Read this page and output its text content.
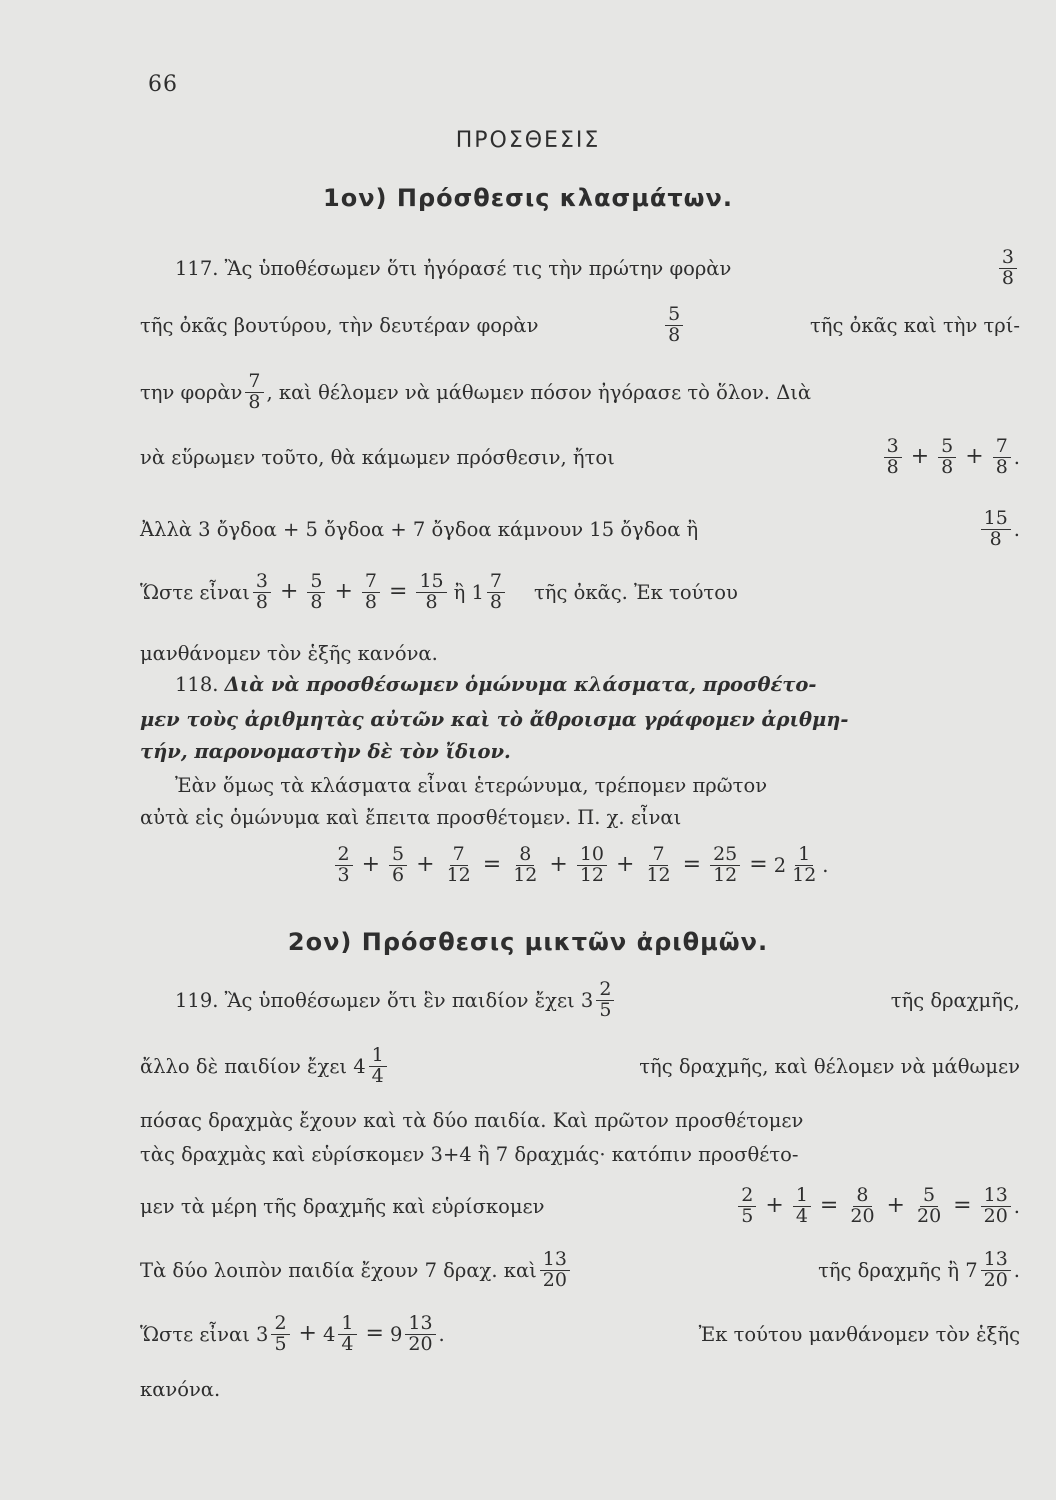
66
ΠΡΟΣΘΕΣΙΣ
1ον) Πρόσθεσις κλασμάτων.
117. Ἂς ὑποθέσωμεν ὅτι ἠγόρασέ τις τὴν πρώτην φορὰν	$\frac{3}{8}$
τῆς ὀκᾶς βουτύρου, τὴν δευτέραν φορὰν	$\frac{5}{8}$	τῆς ὀκᾶς καὶ τὴν τρί-
την φορὰν $\frac{7}{8}$ , καὶ θέλομεν νὰ μάθωμεν πόσον ἠγόρασε τὸ ὅλον. Διὰ
νὰ εὕρωμεν τοῦτο, θὰ κάμωμεν πρόσθεσιν, ἤτοι	$\frac{3}{8} + \frac{5}{8} + \frac{7}{8}$ .
Ἀλλὰ 3 ὄγδοα + 5 ὄγδοα + 7 ὄγδοα κάμνουν 15 ὄγδοα ἢ	$\frac{15}{8}$ .
Ὥστε εἶναι $\frac{3}{8} + \frac{5}{8} + \frac{7}{8} = \frac{15}{8}$ ἢ $1 \frac{7}{8}$ τῆς ὀκᾶς. Ἐκ τούτου
μανθάνομεν τὸν ἑξῆς κανόνα.
118. Διὰ νὰ προσθέσωμεν ὁμώνυμα κλάσματα, προσθέτο-
μεν τοὺς ἀριθμητὰς αὐτῶν καὶ τὸ ἄθροισμα γράφομεν ἀριθμη-
τήν, παρονομαστὴν δὲ τὸν ἴδιον.
Ἐὰν ὅμως τὰ κλάσματα εἶναι ἑτερώνυμα, τρέπομεν πρῶτον
αὐτὰ εἰς ὁμώνυμα καὶ ἔπειτα προσθέτομεν. Π. χ. εἶναι
$\frac{2}{3} + \frac{5}{6} + \frac{7}{12} = \frac{8}{12} + \frac{10}{12} + \frac{7}{12} = \frac{25}{12} = 2 \frac{1}{12}$ .
2ον) Πρόσθεσις μικτῶν ἀριθμῶν.
119. Ἂς ὑποθέσωμεν ὅτι ἓν παιδίον ἔχει $3 \frac{2}{5}$	τῆς δραχμῆς,
ἄλλο δὲ παιδίον ἔχει $4 \frac{1}{4}$	τῆς δραχμῆς, καὶ θέλομεν νὰ μάθωμεν
πόσας δραχμὰς ἔχουν καὶ τὰ δύο παιδία. Καὶ πρῶτον προσθέτομεν
τὰς δραχμὰς καὶ εὑρίσκομεν 3+4 ἢ 7 δραχμάς· κατόπιν προσθέτο-
μεν τὰ μέρη τῆς δραχμῆς καὶ εὑρίσκομεν	$\frac{2}{5} + \frac{1}{4} = \frac{8}{20} + \frac{5}{20} = \frac{13}{20}$ .
Τὰ δύο λοιπὸν παιδία ἔχουν 7 δραχ. καὶ $\frac{13}{20}$	τῆς δραχμῆς ἢ $7 \frac{13}{20}$ .
Ὥστε εἶναι $3 \frac{2}{5} + 4 \frac{1}{4} = 9 \frac{13}{20}$ .	Ἐκ τούτου μανθάνομεν τὸν ἑξῆς
κανόνα.
